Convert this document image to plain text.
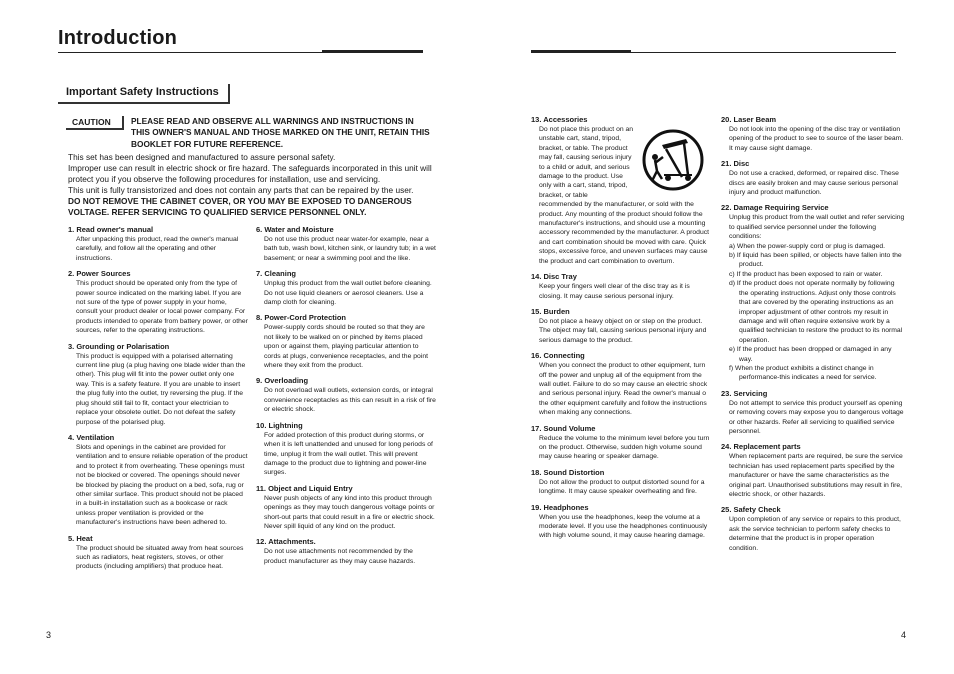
Introduction
Important Safety Instructions
CAUTION PLEASE READ AND OBSERVE ALL WARNINGS AND INSTRUCTIONS IN THIS OWNER'S MANUAL AND THOSE MARKED ON THE UNIT, RETAIN THIS BOOKLET FOR FUTURE REFERENCE.

This set has been designed and manufactured to assure personal safety.

Improper use can result in electric shock or fire hazard. The safeguards incorporated in this unit will protect you if you observe the following procedures for installation, use and servicing.

This unit is fully transistorized and does not contain any parts that can be repaired by the user.

DO NOT REMOVE THE CABINET COVER, OR YOU MAY BE EXPOSED TO DANGEROUS VOLTAGE. REFER SERVICING TO QUALIFIED SERVICE PERSONNEL ONLY.

1. Read owner's manual
After unpacking this product, read the owner's manual carefully, and follow all the operating and other instructions.
2. Power Sources
This product should be operated only from the type of power source indicated on the marking label. If you are not sure of the type of power supply in your home, consult your product dealer or local power company. For products intended to operate from battery power, or other sources, refer to the operating instructions.
3. Grounding or Polarisation
This product is equipped with a polarised alternating current line plug (a plug having one blade wider than the other). This plug will fit into the power outlet only one way. This is a safety feature. If you are unable to insert the plug fully into the outlet, try reversing the plug. If the plug should still fail to fit, contact your electrician to replace your obsolete outlet. Do not defeat the safety purpose of the polarised plug.
4. Ventilation
Slots and openings in the cabinet are provided for ventilation and to ensure reliable operation of the product and to protect it from overheating. These openings must not be blocked or covered. The openings should never be blocked by placing the product on a bed, sofa, rug or other similar surface. This product should not be placed in a built-in installation such as a bookcase or rack unless proper ventilation is provided or the manufacturer's instructions have been adhered to.
5. Heat
The product should be situated away from heat sources such as radiators, heat registers, stoves, or other products (including amplifiers) that produce heat.
6. Water and Moisture
Do not use this product near water-for example, near a bath tub, wash bowl, kitchen sink, or laundry tub; in a wet basement; or near a swimming pool and the like.
7. Cleaning
Unplug this product from the wall outlet before cleaning. Do not use liquid cleaners or aerosol cleaners. Use a damp cloth for cleaning.
8. Power-Cord Protection
Power-supply cords should be routed so that they are not likely to be walked on or pinched by items placed upon or against them, playing particular attention to cords at plugs, convenience receptacles, and the point where they exit from the product.
9. Overloading
Do not overload wall outlets, extension cords, or integral convenience receptacles as this can result in a risk of fire or electric shock.
10. Lightning
For added protection of this product during storms, or when it is left unattended and unused for long periods of time, unplug it from the wall outlet. This will prevent damage to the product due to lightning and power-line surges.
11. Object and Liquid Entry
Never push objects of any kind into this product through openings as they may touch dangerous voltage points or short-out parts that could result in a fire or electric shock. Never spill liquid of any kind on the product.
12. Attachments.
Do not use attachments not recommended by the product manufacturer as they may cause hazards.
13. Accessories
Do not place this product on an unstable cart, stand, tripod, bracket, or table. The product may fall, causing serious injury to a child or adult, and serious damage to the product. Use only with a cart, stand, tripod, bracket, or table
recommended by the manufacturer, or sold with the product. Any mounting of the product should follow the manufacturer's instructions, and should use a mounting accessory recommended by the manufacturer. A product and cart combination should be moved with care. Quick stops, excessive force, and uneven surfaces may cause the product and cart combination to overturn.
14. Disc Tray
Keep your fingers well clear of the disc tray as it is closing. It may cause serious personal injury.
15. Burden
Do not place a heavy object on or step on the product. The object may fall, causing serious personal injury and serious damage to the product.
16. Connecting
When you connect the product to other equipment, turn off the power and unplug all of the equipment from the wall outlet. Failure to do so may cause an electric shock and serious personal injury. Read the owner's manual o the other equipment carefully and follow the instructions when making any connections.
17. Sound Volume
Reduce the volume to the minimum level before you turn on the product. Otherwise, sudden high volume sound may cause hearing or speaker damage.
18. Sound Distortion
Do not allow the product to output distorted sound for a longtime. It may cause speaker overheating and fire.
19. Headphones
When you use the headphones, keep the volume at a moderate level. If you use the headphones continuously with high volume sound, it may cause hearing damage.
20. Laser Beam
Do not look into the opening of the disc tray or ventilation opening of the product to see to source of the laser beam. It may cause sight damage.
21. Disc
Do not use a cracked, deformed, or repaired disc. These discs are easily broken and may cause serious personal injury and product malfunction.
22. Damage Requiring Service

Unplug this product from the wall outlet and refer servicing to qualified service personnel under the following conditions:

a) When the power-supply cord or plug is damaged.
b) If liquid has been spilled, or objects have fallen into the product.
c) If the product has been exposed to rain or water.
d) If the product does not operate normally by following the operating instructions. Adjust only those controls that are covered by the operating instructions as an improper adjustment of other controls my result in damage and will often require extensive work by a qualified technician to restore the product to its normal operation.
e) If the product has been dropped or damaged in any way.
f) When the product exhibits a distinct change in performance-this indicates a need for service.
23. Servicing
Do not attempt to service this product yourself as opening or removing covers may expose you to dangerous voltage or other hazards. Refer all servicing to qualified service personnel.
24. Replacement parts
When replacement parts are required, be sure the service technician has used replacement parts specified by the manufacturer or have the same characteristics as the original part. Unauthorised substitutions may result in fire, electric shock, or other hazards.
25. Safety Check
Upon completion of any service or repairs to this product, ask the service technician to perform safety checks to determine that the product is in proper operation condition.
3	4
